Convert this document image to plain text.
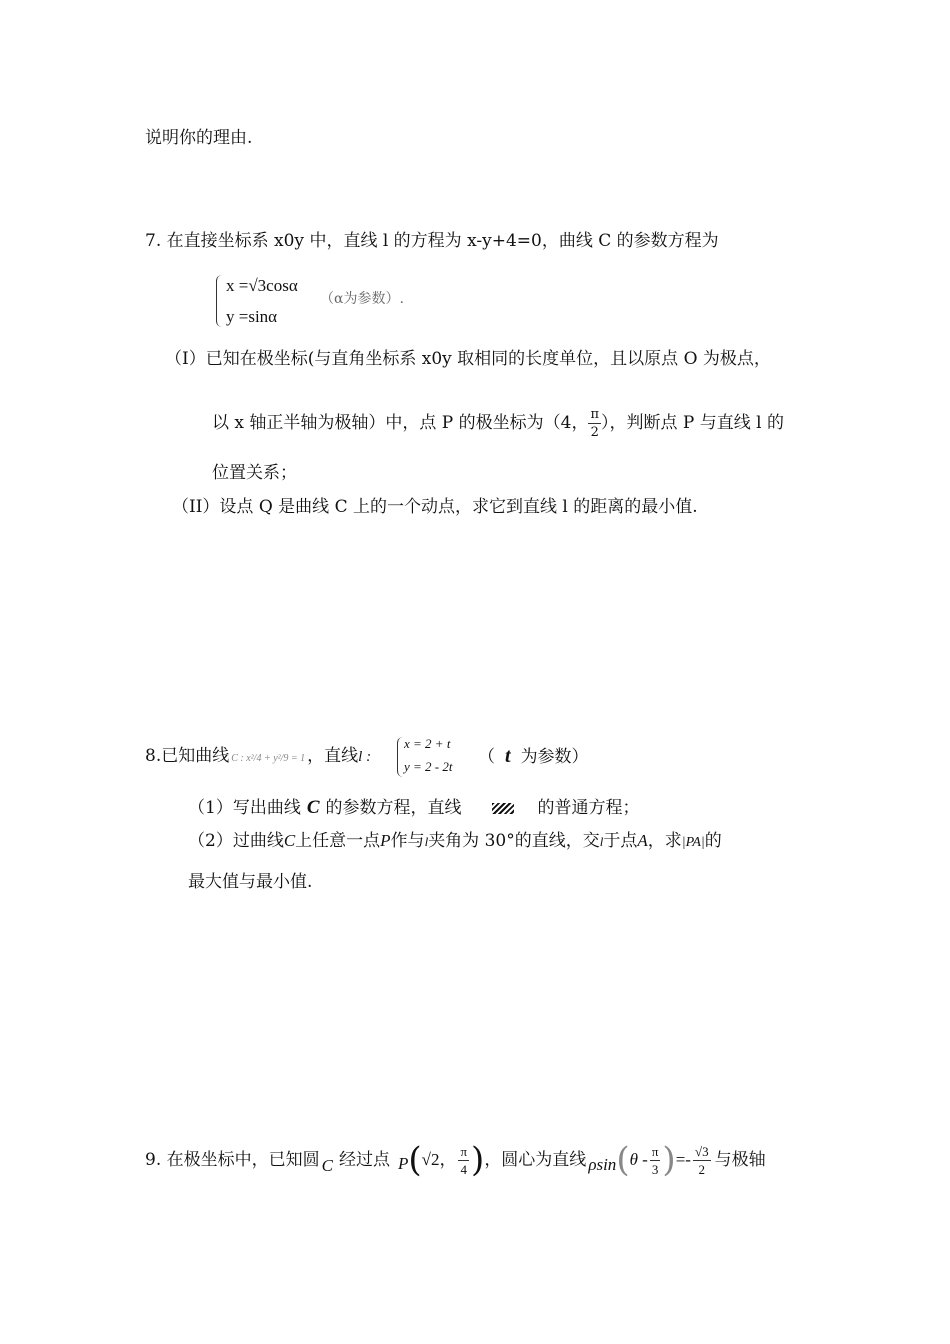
说明你的理由.
7. 在直接坐标系 x0y 中，直线 l 的方程为 x-y+4=0，曲线 C 的参数方程为
x =√3cosα
y =sinα
（α为参数）.
（I）已知在极坐标(与直角坐标系 x0y 取相同的长度单位，且以原点 O 为极点，
以 x 轴正半轴为极轴）中，点 P 的极坐标为（4， $\frac{\pi}{2}$ ），判断点 P 与直线 l 的
位置关系；
（II）设点 Q 是曲线 C 上的一个动点，求它到直线 l 的距离的最小值.
8.已知曲线 C : x²/4 + y²/9 = 1 ，直线l :
x = 2 + t
y = 2 - 2t （ t 为参数）
（1）写出曲线 C 的参数方程，直线	的普通方程；
（2）过曲线C上任意一点P作与l夹角为 30°的直线，交l于点A，求|PA|的
最大值与最小值.
9. 在极坐标中，已知圆 C 经过点 P ( √2 ， $\frac{\pi}{4}$ ) ，圆心为直线 ρsin ( θ - $\frac{\pi}{3}$ ) =- $\frac{√3}{2}$ 与极轴
